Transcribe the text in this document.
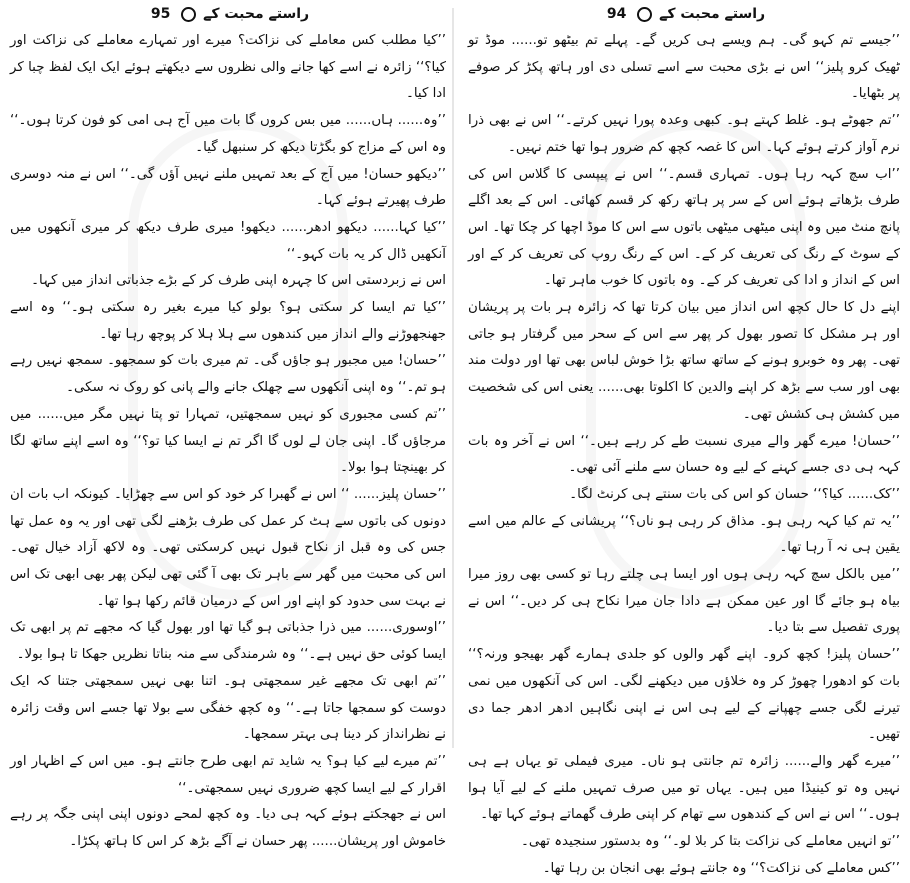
راستے محبت کے  95

’’کیا مطلب کس معاملے کی نزاکت؟ میرے اور تمہارے معاملے کی نزاکت اور کیا؟‘‘ زائرہ نے اسے کھا جانے والی نظروں سے دیکھتے ہوئے ایک ایک لفظ چبا کر ادا کیا۔

’’وہ...... ہاں...... میں بس کروں گا بات میں آج ہی امی کو فون کرتا ہوں۔‘‘ وہ اس کے مزاج کو بگڑتا دیکھ کر سنبھل گیا۔

’’دیکھو حسان! میں آج کے بعد تمہیں ملنے نہیں آؤں گی۔‘‘ اس نے منہ دوسری طرف پھیرتے ہوئے کہا۔

’’کیا کہا...... دیکھو ادھر...... دیکھو! میری طرف دیکھ کر میری آنکھوں میں آنکھیں ڈال کر یہ بات کہو۔‘‘

اس نے زبردستی اس کا چہرہ اپنی طرف کر کے بڑے جذباتی انداز میں کہا۔

’’کیا تم ایسا کر سکتی ہو؟ بولو کیا میرے بغیر رہ سکتی ہو۔‘‘ وہ اسے جھنجھوڑنے والے انداز میں کندھوں سے ہلا ہلا کر پوچھ رہا تھا۔

’’حسان! میں مجبور ہو جاؤں گی۔ تم میری بات کو سمجھو۔ سمجھ نہیں رہے ہو تم۔‘‘ وہ اپنی آنکھوں سے چھلک جانے والے پانی کو روک نہ سکی۔

’’تم کسی مجبوری کو نہیں سمجھتیں، تمہارا تو پتا نہیں مگر میں...... میں مرجاؤں گا۔ اپنی جان لے لوں گا اگر تم نے ایسا کیا تو؟‘‘ وہ اسے اپنے ساتھ لگا کر بھینچتا ہوا بولا۔

’’حسان پلیز...... ‘‘ اس نے گھبرا کر خود کو اس سے چھڑایا۔ کیونکہ اب بات ان دونوں کی باتوں سے ہٹ کر عمل کی طرف بڑھنے لگی تھی اور یہ وہ عمل تھا جس کی وہ قبل از نکاح قبول نہیں کرسکتی تھی۔ وہ لاکھ آزاد خیال تھی۔ اس کی محبت میں گھر سے باہر تک بھی آ گئی تھی لیکن پھر بھی ابھی تک اس نے بہت سی حدود کو اپنے اور اس کے درمیان قائم رکھا ہوا تھا۔

’’اوسوری...... میں ذرا جذباتی ہو گیا تھا اور بھول گیا کہ مجھے تم پر ابھی تک ایسا کوئی حق نہیں ہے۔‘‘ وہ شرمندگی سے منہ بناتا نظریں جھکا تا ہوا بولا۔

’’تم ابھی تک مجھے غیر سمجھتی ہو۔ اتنا بھی نہیں سمجھتی جتنا کہ ایک دوست کو سمجھا جاتا ہے۔‘‘ وہ کچھ خفگی سے بولا تھا جسے اس وقت زائرہ نے نظرانداز کر دینا ہی بہتر سمجھا۔

’’تم میرے لیے کیا ہو؟ یہ شاید تم ابھی طرح جانتے ہو۔ میں اس کے اظہار اور اقرار کے لیے ایسا کچھ ضروری نہیں سمجھتی۔‘‘

اس نے جھجکتے ہوئے کہہ ہی دیا۔ وہ کچھ لمحے دونوں اپنی اپنی جگہ پر رہے خاموش اور پریشان...... پھر حسان نے آگے بڑھ کر اس کا ہاتھ پکڑا۔

راستے محبت کے  94

’’جیسے تم کہو گی۔ ہم ویسے ہی کریں گے۔ پہلے تم بیٹھو تو...... موڈ تو ٹھیک کرو پلیز‘‘ اس نے بڑی محبت سے اسے تسلی دی اور ہاتھ پکڑ کر صوفے پر بٹھایا۔

’’تم جھوٹے ہو۔ غلط کہتے ہو۔ کبھی وعدہ پورا نہیں کرتے۔‘‘ اس نے بھی ذرا نرم آواز کرتے ہوئے کہا۔ اس کا غصہ کچھ کم ضرور ہوا تھا ختم نہیں۔

’’اب سچ کہہ رہا ہوں۔ تمہاری قسم۔‘‘ اس نے پیپسی کا گلاس اس کی طرف بڑھاتے ہوئے اس کے سر پر ہاتھ رکھ کر قسم کھائی۔ اس کے بعد اگلے پانچ منٹ میں وہ اپنی میٹھی میٹھی باتوں سے اس کا موڈ اچھا کر چکا تھا۔ اس کے سوٹ کے رنگ کی تعریف کر کے۔ اس کے رنگ روپ کی تعریف کر کے اور اس کے انداز و ادا کی تعریف کر کے۔ وہ باتوں کا خوب ماہر تھا۔

اپنے دل کا حال کچھ اس انداز میں بیان کرتا تھا کہ زائرہ ہر بات پر پریشان اور ہر مشکل کا تصور بھول کر پھر سے اس کے سحر میں گرفتار ہو جاتی تھی۔ پھر وہ خوبرو ہونے کے ساتھ ساتھ بڑا خوش لباس بھی تھا اور دولت مند بھی اور سب سے بڑھ کر اپنے والدین کا اکلوتا بھی...... یعنی اس کی شخصیت میں کشش ہی کشش تھی۔

’’حسان! میرے گھر والے میری نسبت طے کر رہے ہیں۔‘‘ اس نے آخر وہ بات کہہ ہی دی جسے کہنے کے لیے وہ حسان سے ملنے آئی تھی۔

’’کک...... کیا؟‘‘ حسان کو اس کی بات سنتے ہی کرنٹ لگا۔

’’یہ تم کیا کہہ رہی ہو۔ مذاق کر رہی ہو ناں؟‘‘ پریشانی کے عالم میں اسے یقین ہی نہ آ رہا تھا۔

’’میں بالکل سچ کہہ رہی ہوں اور ایسا ہی چلتے رہا تو کسی بھی روز میرا بیاہ ہو جائے گا اور عین ممکن ہے دادا جان میرا نکاح ہی کر دیں۔‘‘ اس نے پوری تفصیل سے بتا دیا۔

’’حسان پلیز! کچھ کرو۔ اپنے گھر والوں کو جلدی ہمارے گھر بھیجو ورنہ؟‘‘ بات کو ادھورا چھوڑ کر وہ خلاؤں میں دیکھنے لگی۔ اس کی آنکھوں میں نمی تیرنے لگی جسے چھپانے کے لیے ہی اس نے اپنی نگاہیں ادھر ادھر جما دی تھیں۔

’’میرے گھر والے...... زائرہ تم جانتی ہو ناں۔ میری فیملی تو یہاں ہے ہی نہیں وہ تو کینیڈا میں ہیں۔ یہاں تو میں صرف تمہیں ملنے کے لیے آیا ہوا ہوں۔‘‘ اس نے اس کے کندھوں سے تھام کر اپنی طرف گھماتے ہوئے کہا تھا۔

’’تو انہیں معاملے کی نزاکت بتا کر بلا لو۔‘‘ وہ بدستور سنجیدہ تھی۔

’’کس معاملے کی نزاکت؟‘‘ وہ جانتے ہوئے بھی انجان بن رہا تھا۔
